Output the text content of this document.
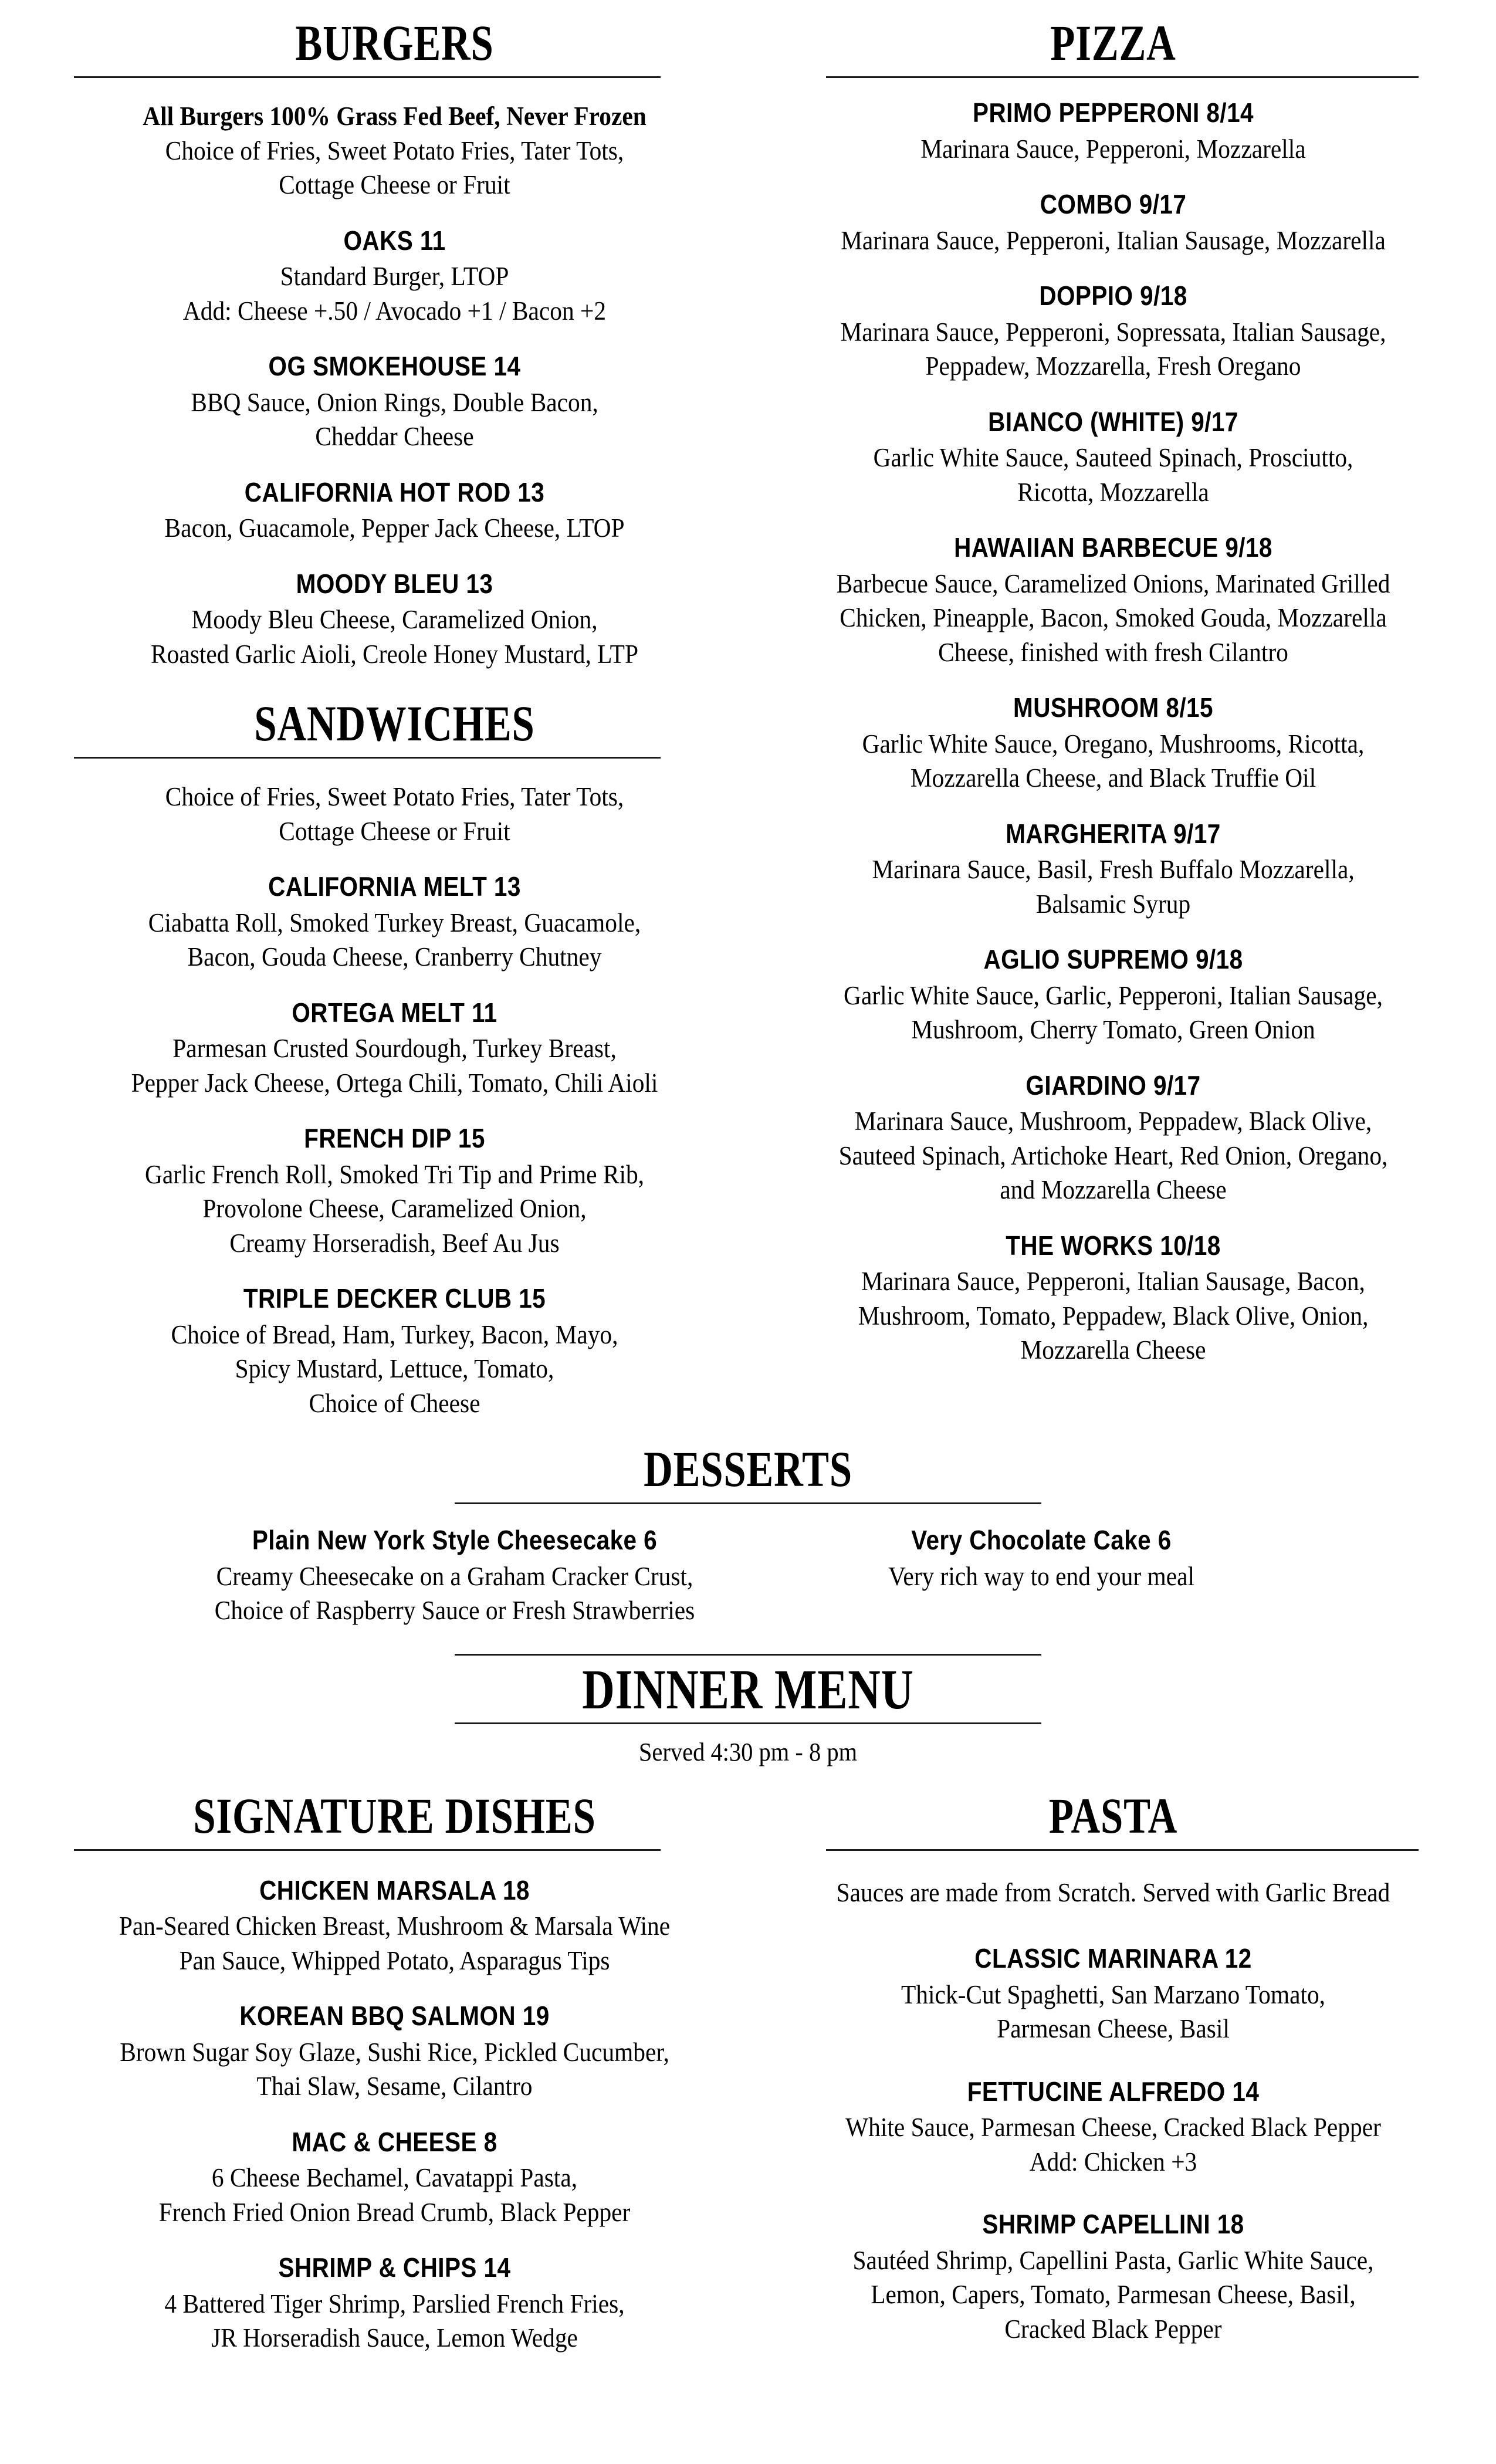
BURGERS
All Burgers 100% Grass Fed Beef, Never Frozen
Choice of Fries, Sweet Potato Fries, Tater Tots,
Cottage Cheese or Fruit
OAKS 11
Standard Burger, LTOP
Add: Cheese +.50 / Avocado +1 / Bacon +2
OG SMOKEHOUSE 14
BBQ Sauce, Onion Rings, Double Bacon,
Cheddar Cheese
CALIFORNIA HOT ROD 13
Bacon, Guacamole, Pepper Jack Cheese, LTOP
MOODY BLEU 13
Moody Bleu Cheese, Caramelized Onion,
Roasted Garlic Aioli, Creole Honey Mustard, LTP
SANDWICHES
Choice of Fries, Sweet Potato Fries, Tater Tots,
Cottage Cheese or Fruit
CALIFORNIA MELT 13
Ciabatta Roll, Smoked Turkey Breast, Guacamole,
Bacon, Gouda Cheese, Cranberry Chutney
ORTEGA MELT 11
Parmesan Crusted Sourdough, Turkey Breast,
Pepper Jack Cheese, Ortega Chili, Tomato, Chili Aioli
FRENCH DIP 15
Garlic French Roll, Smoked Tri Tip and Prime Rib,
Provolone Cheese, Caramelized Onion,
Creamy Horseradish, Beef Au Jus
TRIPLE DECKER CLUB 15
Choice of Bread, Ham, Turkey, Bacon, Mayo,
Spicy Mustard, Lettuce, Tomato,
Choice of Cheese
PIZZA
PRIMO PEPPERONI 8/14
Marinara Sauce, Pepperoni, Mozzarella
COMBO 9/17
Marinara Sauce, Pepperoni, Italian Sausage, Mozzarella
DOPPIO 9/18
Marinara Sauce, Pepperoni, Sopressata, Italian Sausage,
Peppadew, Mozzarella, Fresh Oregano
BIANCO (WHITE) 9/17
Garlic White Sauce, Sauteed Spinach, Prosciutto,
Ricotta, Mozzarella
HAWAIIAN BARBECUE 9/18
Barbecue Sauce, Caramelized Onions, Marinated Grilled
Chicken, Pineapple, Bacon, Smoked Gouda, Mozzarella
Cheese, finished with fresh Cilantro
MUSHROOM 8/15
Garlic White Sauce, Oregano, Mushrooms, Ricotta,
Mozzarella Cheese, and Black Truffie Oil
MARGHERITA 9/17
Marinara Sauce, Basil, Fresh Buffalo Mozzarella,
Balsamic Syrup
AGLIO SUPREMO 9/18
Garlic White Sauce, Garlic, Pepperoni, Italian Sausage,
Mushroom, Cherry Tomato, Green Onion
GIARDINO 9/17
Marinara Sauce, Mushroom, Peppadew, Black Olive,
Sauteed Spinach, Artichoke Heart, Red Onion, Oregano,
and Mozzarella Cheese
THE WORKS 10/18
Marinara Sauce, Pepperoni, Italian Sausage, Bacon,
Mushroom, Tomato, Peppadew, Black Olive, Onion,
Mozzarella Cheese
DESSERTS
Plain New York Style Cheesecake 6
Creamy Cheesecake on a Graham Cracker Crust,
Choice of Raspberry Sauce or Fresh Strawberries
Very Chocolate Cake 6
Very rich way to end your meal
DINNER MENU
Served 4:30 pm - 8 pm
SIGNATURE DISHES
CHICKEN MARSALA 18
Pan-Seared Chicken Breast, Mushroom & Marsala Wine
Pan Sauce, Whipped Potato, Asparagus Tips
KOREAN BBQ SALMON 19
Brown Sugar Soy Glaze, Sushi Rice, Pickled Cucumber,
Thai Slaw, Sesame, Cilantro
MAC & CHEESE 8
6 Cheese Bechamel, Cavatappi Pasta,
French Fried Onion Bread Crumb, Black Pepper
SHRIMP & CHIPS 14
4 Battered Tiger Shrimp, Parslied French Fries,
JR Horseradish Sauce, Lemon Wedge
PASTA
Sauces are made from Scratch. Served with Garlic Bread
CLASSIC MARINARA 12
Thick-Cut Spaghetti, San Marzano Tomato,
Parmesan Cheese, Basil
FETTUCINE ALFREDO 14
White Sauce, Parmesan Cheese, Cracked Black Pepper
Add: Chicken +3
SHRIMP CAPELLINI 18
Sautéed Shrimp, Capellini Pasta, Garlic White Sauce,
Lemon, Capers, Tomato, Parmesan Cheese, Basil,
Cracked Black Pepper
